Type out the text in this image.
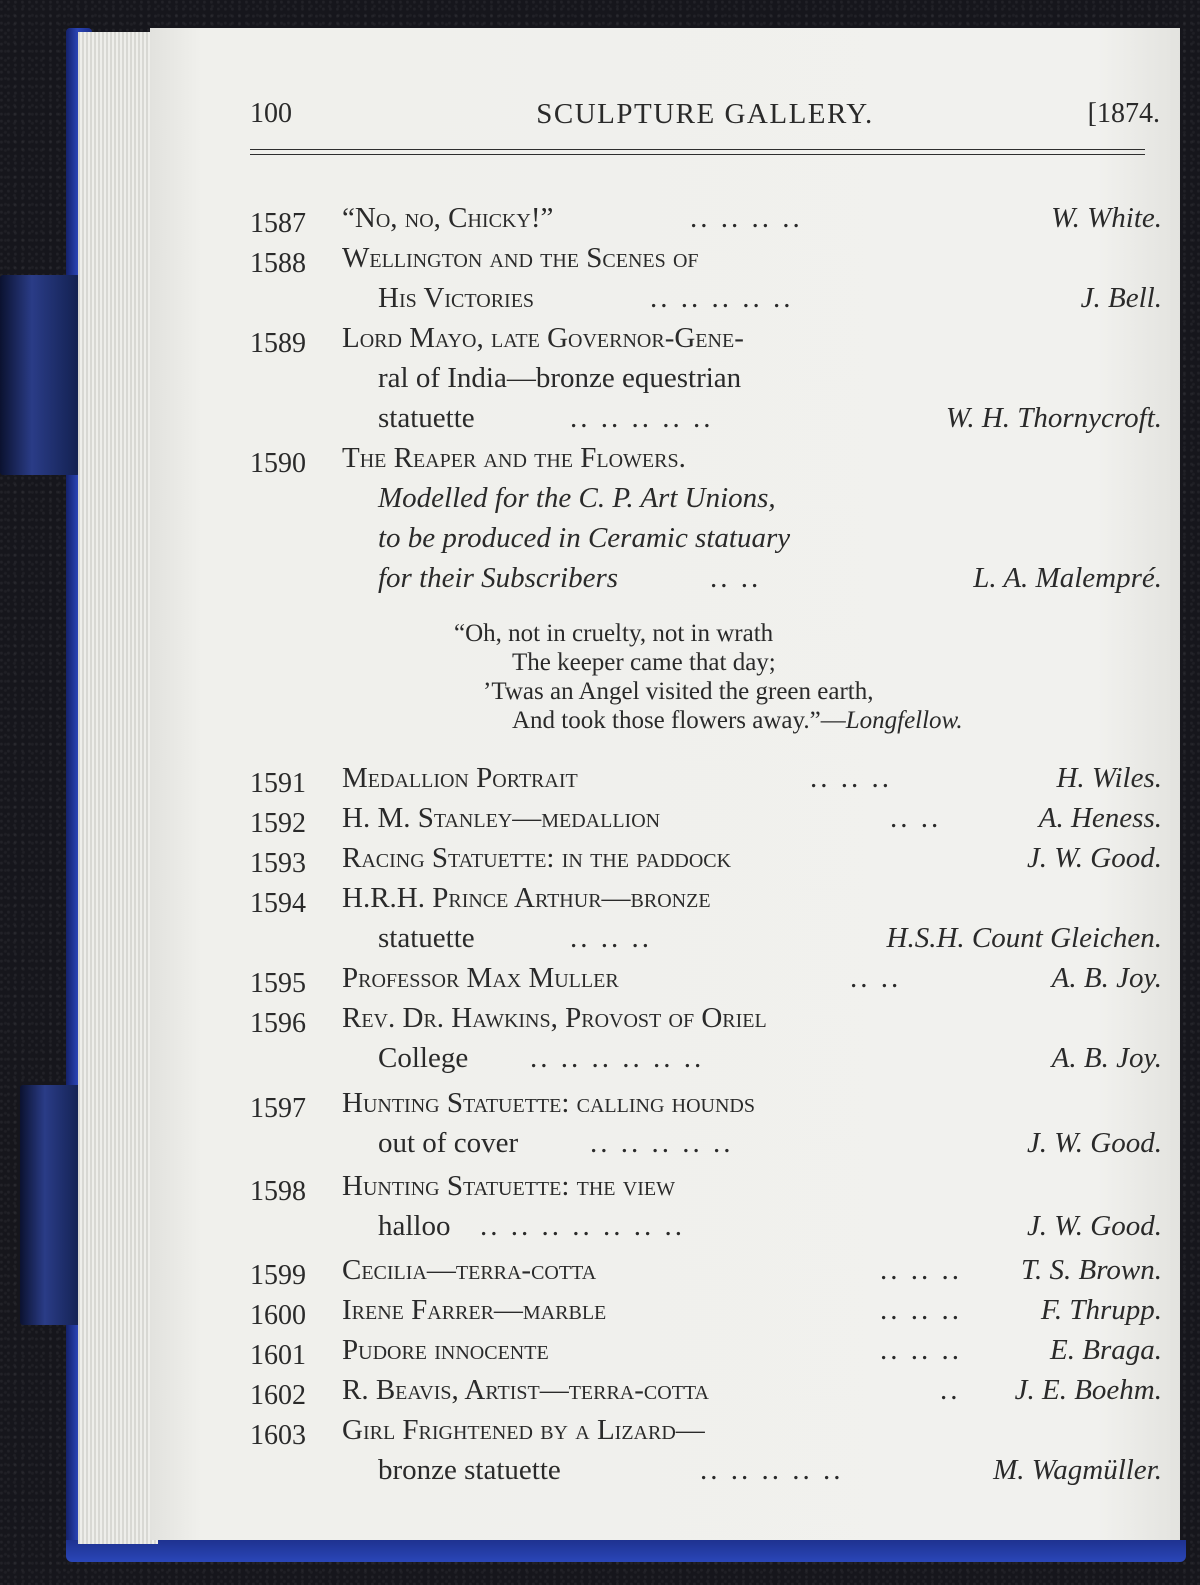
100	SCULPTURE GALLERY.	[1874.
1587 “No, no, Chicky!”	.. .. .. ..	W. White.
1588 Wellington and the Scenes of
His Victories	.. .. .. .. ..	J. Bell.
1589 Lord Mayo, late Governor-Gene-
ral of India—bronze equestrian
statuette	.. .. .. .. ..	W. H. Thornycroft.
1590 The Reaper and the Flowers.
Modelled for the C. P. Art Unions,
to be produced in Ceramic statuary
for their Subscribers	.. ..	L. A. Malempré.
“Oh, not in cruelty, not in wrath
The keeper came that day;
’Twas an Angel visited the green earth,
And took those flowers away.”—Longfellow.
1591 Medallion Portrait	.. .. ..	H. Wiles.
1592 H. M. Stanley—medallion	.. ..	A. Heness.
1593 Racing Statuette: in the paddock	J. W. Good.
1594 H.R.H. Prince Arthur—bronze
statuette	.. .. ..	H.S.H. Count Gleichen.
1595 Professor Max Muller	.. ..	A. B. Joy.
1596 Rev. Dr. Hawkins, Provost of Oriel
College .. .. .. .. .. ..	A. B. Joy.
1597 Hunting Statuette: calling hounds
out of cover .. .. .. .. ..	J. W. Good.
1598 Hunting Statuette: the view
halloo .. .. .. .. .. .. ..	J. W. Good.
1599 Cecilia—terra-cotta	.. .. .. T. S. Brown.
1600 Irene Farrer—marble	.. .. ..	F. Thrupp.
1601 Pudore innocente	.. .. ..	E. Braga.
1602 R. Beavis, Artist—terra-cotta	.. J. E. Boehm.
1603 Girl Frightened by a Lizard—
bronze statuette	.. .. .. .. ..	M. Wagmüller.
